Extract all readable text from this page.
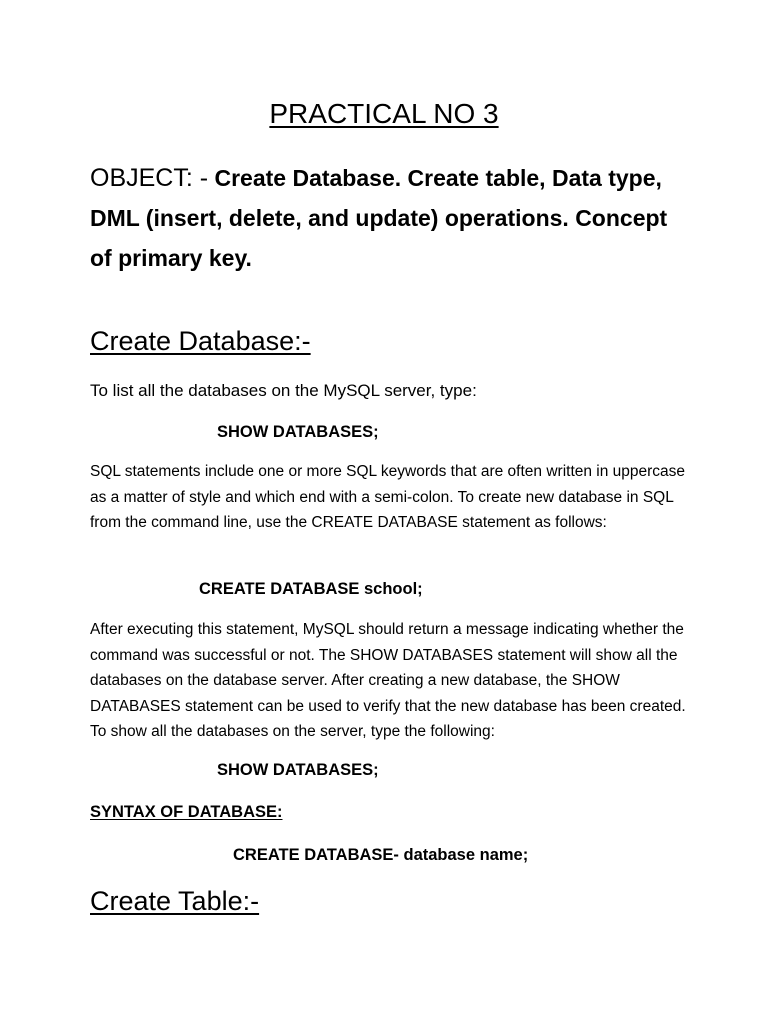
PRACTICAL NO 3
OBJECT: - Create Database. Create table, Data type, DML (insert, delete, and update) operations. Concept of primary key.
Create Database:-
To list all the databases on the MySQL server, type:
SHOW DATABASES;
SQL statements include one or more SQL keywords that are often written in uppercase as a matter of style and which end with a semi-colon. To create new database in SQL from the command line, use the CREATE DATABASE statement as follows:
CREATE DATABASE school;
After executing this statement, MySQL should return a message indicating whether the command was successful or not. The SHOW DATABASES statement will show all the databases on the database server. After creating a new database, the SHOW DATABASES statement can be used to verify that the new database has been created. To show all the databases on the server, type the following:
SHOW DATABASES;
SYNTAX OF DATABASE:
CREATE DATABASE- database name;
Create Table:-
